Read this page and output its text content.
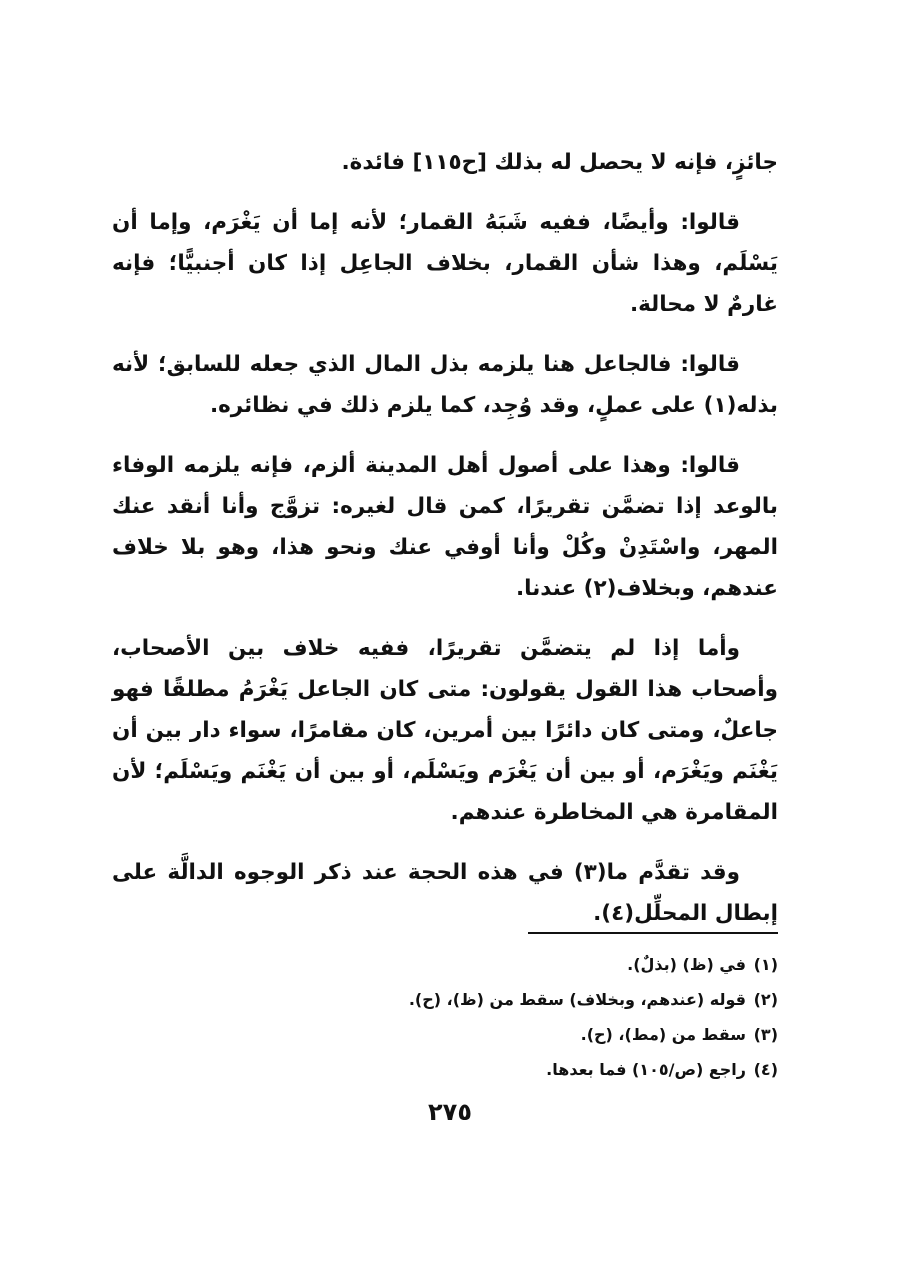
جائزٍ، فإنه لا يحصل له بذلك [ح١١٥] فائدة.

قالوا: وأيضًا، ففيه شَبَهُ القمار؛ لأنه إما أن يَغْرَم، وإما أن يَسْلَم، وهذا شأن القمار، بخلاف الجاعِل إذا كان أجنبيًّا؛ فإنه غارمٌ لا محالة.

قالوا: فالجاعل هنا يلزمه بذل المال الذي جعله للسابق؛ لأنه بذله(١) على عملٍ، وقد وُجِد، كما يلزم ذلك في نظائره.

قالوا: وهذا على أصول أهل المدينة ألزم، فإنه يلزمه الوفاء بالوعد إذا تضمَّن تقريرًا، كمن قال لغيره: تزوَّج وأنا أنقد عنك المهر، واسْتَدِنْ وكُلْ وأنا أوفي عنك ونحو هذا، وهو بلا خلاف عندهم، وبخلاف(٢) عندنا.

وأما إذا لم يتضمَّن تقريرًا، ففيه خلاف بين الأصحاب، وأصحاب هذا القول يقولون: متى كان الجاعل يَغْرَمُ مطلقًا فهو جاعلٌ، ومتى كان دائرًا بين أمرين، كان مقامرًا، سواء دار بين أن يَغْنَم ويَغْرَم، أو بين أن يَغْرَم ويَسْلَم، أو بين أن يَغْنَم ويَسْلَم؛ لأن المقامرة هي المخاطرة عندهم.

وقد تقدَّم ما(٣) في هذه الحجة عند ذكر الوجوه الدالَّة على إبطال المحلِّل(٤).

(١)
في (ظ) (بذلٌ).
(٢)
قوله (عندهم، وبخلاف) سقط من (ظ)، (ح).
(٣)
سقط من (مط)، (ح).
(٤)
راجع (ص/١٠٥) فما بعدها.
٢٧٥
